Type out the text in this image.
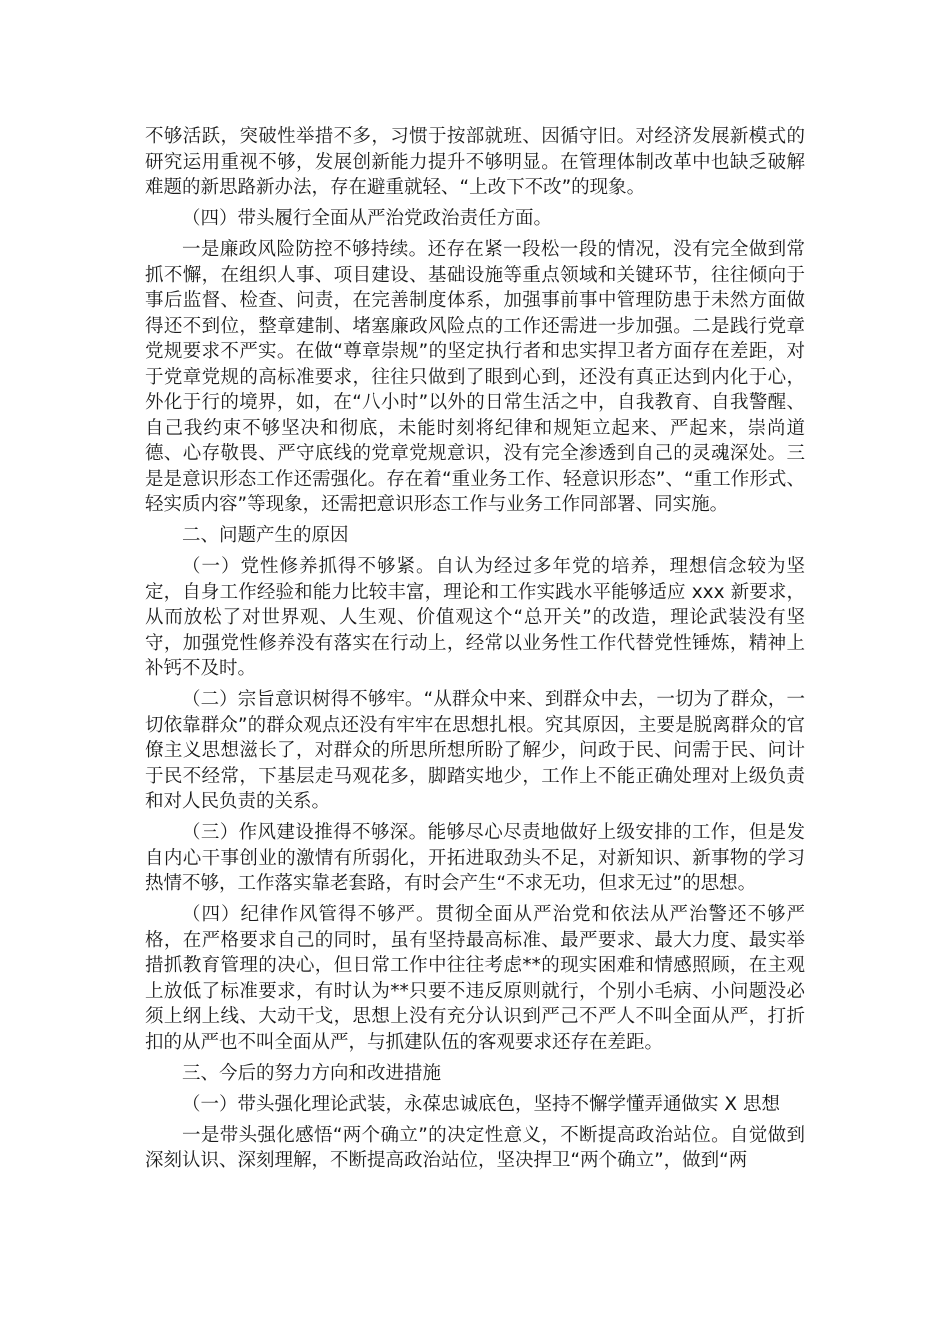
不够活跃，突破性举措不多，习惯于按部就班、因循守旧。对经济发展新模式的研究运用重视不够，发展创新能力提升不够明显。在管理体制改革中也缺乏破解难题的新思路新办法，存在避重就轻、“上改下不改”的现象。

（四）带头履行全面从严治党政治责任方面。

一是廉政风险防控不够持续。还存在紧一段松一段的情况，没有完全做到常抓不懈，在组织人事、项目建设、基础设施等重点领域和关键环节，往往倾向于事后监督、检查、问责，在完善制度体系，加强事前事中管理防患于未然方面做得还不到位，整章建制、堵塞廉政风险点的工作还需进一步加强。二是践行党章党规要求不严实。在做“尊章崇规”的坚定执行者和忠实捍卫者方面存在差距，对于党章党规的高标准要求，往往只做到了眼到心到，还没有真正达到内化于心，外化于行的境界，如，在“八小时”以外的日常生活之中，自我教育、自我警醒、自己我约束不够坚决和彻底，未能时刻将纪律和规矩立起来、严起来，崇尚道德、心存敬畏、严守底线的党章党规意识，没有完全渗透到自己的灵魂深处。三是是意识形态工作还需强化。存在着“重业务工作、轻意识形态”、“重工作形式、轻实质内容”等现象，还需把意识形态工作与业务工作同部署、同实施。

二、问题产生的原因

（一）党性修养抓得不够紧。自认为经过多年党的培养，理想信念较为坚定，自身工作经验和能力比较丰富，理论和工作实践水平能够适应 xxx 新要求，从而放松了对世界观、人生观、价值观这个“总开关”的改造，理论武装没有坚守，加强党性修养没有落实在行动上，经常以业务性工作代替党性锤炼，精神上补钙不及时。

（二）宗旨意识树得不够牢。“从群众中来、到群众中去，一切为了群众，一切依靠群众”的群众观点还没有牢牢在思想扎根。究其原因，主要是脱离群众的官僚主义思想滋长了，对群众的所思所想所盼了解少，问政于民、问需于民、问计于民不经常，下基层走马观花多，脚踏实地少，工作上不能正确处理对上级负责和对人民负责的关系。

（三）作风建设推得不够深。能够尽心尽责地做好上级安排的工作，但是发自内心干事创业的激情有所弱化，开拓进取劲头不足，对新知识、新事物的学习热情不够，工作落实靠老套路，有时会产生“不求无功，但求无过”的思想。

（四）纪律作风管得不够严。贯彻全面从严治党和依法从严治警还不够严格，在严格要求自己的同时，虽有坚持最高标准、最严要求、最大力度、最实举措抓教育管理的决心，但日常工作中往往考虑**的现实困难和情感照顾，在主观上放低了标准要求，有时认为**只要不违反原则就行，个别小毛病、小问题没必须上纲上线、大动干戈，思想上没有充分认识到严己不严人不叫全面从严，打折扣的从严也不叫全面从严，与抓建队伍的客观要求还存在差距。

三、今后的努力方向和改进措施

（一）带头强化理论武装，永葆忠诚底色，坚持不懈学懂弄通做实 X 思想

一是带头强化感悟“两个确立”的决定性意义，不断提高政治站位。自觉做到深刻认识、深刻理解，不断提高政治站位，坚决捍卫“两个确立”，做到“两
